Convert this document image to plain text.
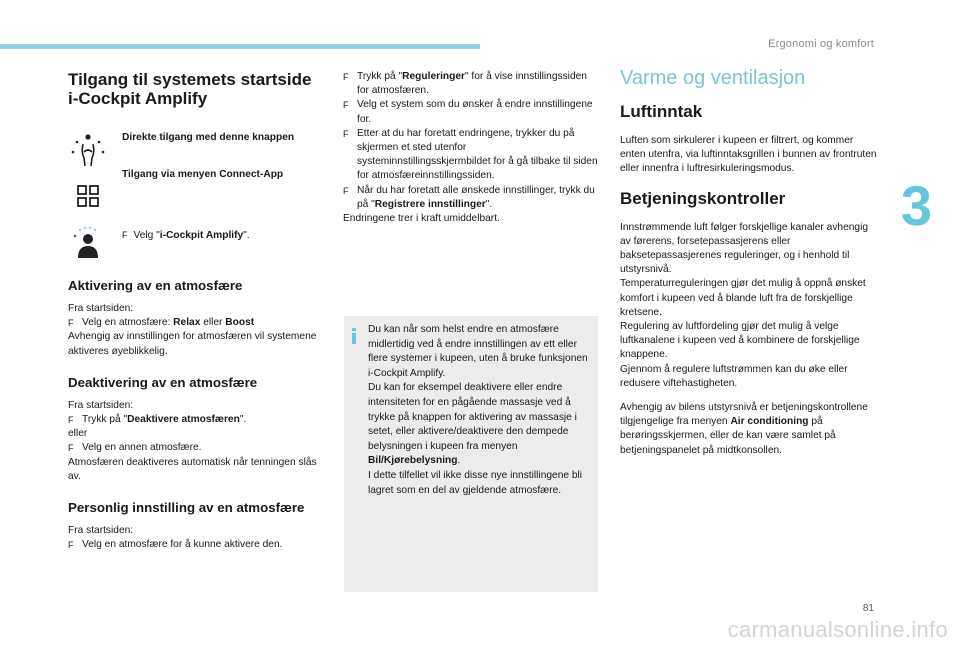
Ergonomi og komfort
3
Tilgang til systemets startside i-Cockpit Amplify
Direkte tilgang med denne knappen
Tilgang via menyen Connect-App
F Velg "i-Cockpit Amplify".
Aktivering av en atmosfære

Fra startsiden:

F Velg en atmosfære: Relax eller Boost

Avhengig av innstillingen for atmosfæren vil systemene aktiveres øyeblikkelig.

Deaktivering av en atmosfære

Fra startsiden:

F Trykk på "Deaktivere atmosfæren".

eller

F Velg en annen atmosfære.

Atmosfæren deaktiveres automatisk når tenningen slås av.

Personlig innstilling av en atmosfære

Fra startsiden:

F Velg en atmosfære for å kunne aktivere den.
F Trykk på "Reguleringer" for å vise innstillingssiden for atmosfæren.
F Velg et system som du ønsker å endre innstillingene for.
F Etter at du har foretatt endringene, trykker du på skjermen et sted utenfor systeminnstillingsskjermbildet for å gå tilbake til siden for atmosfæreinnstillingssiden.
F Når du har foretatt alle ønskede innstillinger, trykk du på "Registrere innstillinger".

Endringene trer i kraft umiddelbart.

Du kan når som helst endre en atmosfære midlertidig ved å endre innstillingen av ett eller flere systemer i kupeen, uten å bruke funksjonen i-Cockpit Amplify.

Du kan for eksempel deaktivere eller endre intensiteten for en pågående massasje ved å trykke på knappen for aktivering av massasje i setet, eller aktivere/deaktivere den dempede belysningen i kupeen fra menyen Bil/Kjørebelysning.

I dette tilfellet vil ikke disse nye innstillingene bli lagret som en del av gjeldende atmosfære.

Varme og ventilasjon
Luftinntak

Luften som sirkulerer i kupeen er filtrert, og kommer enten utenfra, via luftinntaksgrillen i bunnen av frontruten eller innenfra i luftresirkuleringsmodus.

Betjeningskontroller

Innstrømmende luft følger forskjellige kanaler avhengig av førerens, forsetepassasjerens eller baksetepassasjerenes reguleringer, og i henhold til utstyrsnivå.

Temperaturreguleringen gjør det mulig å oppnå ønsket komfort i kupeen ved å blande luft fra de forskjellige kretsene.

Regulering av luftfordeling gjør det mulig å velge luftkanalene i kupeen ved å kombinere de forskjellige knappene.

Gjennom å regulere luftstrømmen kan du øke eller redusere viftehastigheten.

Avhengig av bilens utstyrsnivå er betjeningskontrollene tilgjengelige fra menyen Air conditioning på berøringsskjermen, eller de kan være samlet på betjeningspanelet på midtkonsollen.

81
carmanualsonline.info
